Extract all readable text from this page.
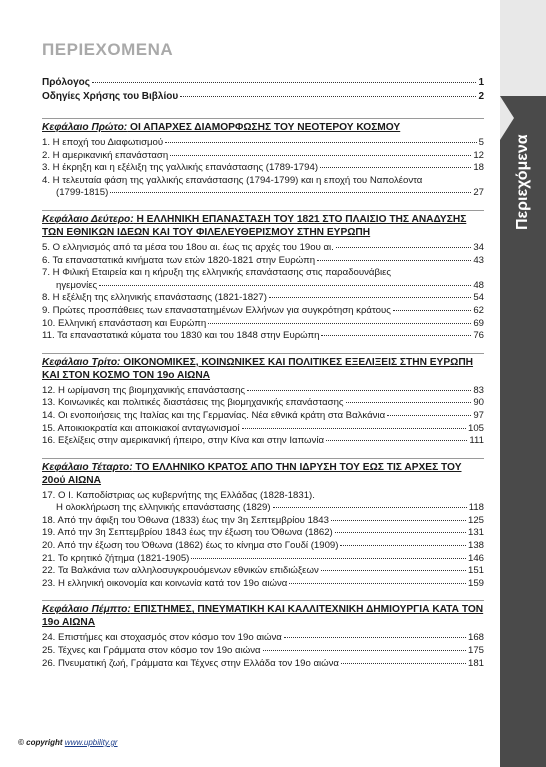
Περιεχόμενα
ΠΕΡΙΕΧΟΜΕΝΑ
Πρόλογος	1
Οδηγίες Χρήσης του Βιβλίου	2
Κεφάλαιο Πρώτο: ΟΙ ΑΠΑΡΧΕΣ ΔΙΑΜΟΡΦΩΣΗΣ ΤΟΥ ΝΕΟΤΕΡΟΥ ΚΟΣΜΟΥ
1. Η εποχή του Διαφωτισμού	5
2. Η αμερικανική επανάσταση	12
3. Η έκρηξη και η εξέλιξη της γαλλικής επανάστασης (1789-1794)	18
4. Η τελευταία φάση της γαλλικής επανάστασης (1794-1799) και η εποχή του Ναπολέοντα
(1799-1815)	27
Κεφάλαιο Δεύτερο: Η ΕΛΛΗΝΙΚΗ ΕΠΑΝΑΣΤΑΣΗ ΤΟΥ 1821 ΣΤΟ ΠΛΑΙΣΙΟ ΤΗΣ ΑΝΑΔΥΣΗΣ ΤΩΝ ΕΘΝΙΚΩΝ ΙΔΕΩΝ ΚΑΙ ΤΟΥ ΦΙΛΕΛΕΥΘΕΡΙΣΜΟΥ ΣΤΗΝ ΕΥΡΩΠΗ
5. Ο ελληνισμός από τα μέσα του 18ου αι. έως τις αρχές του 19ου αι.	34
6. Τα επαναστατικά κινήματα των ετών 1820-1821 στην Ευρώπη	43
7. Η Φιλική Εταιρεία και η κήρυξη της ελληνικής επανάστασης στις παραδουνάβιες
ηγεμονίες	48
8. Η εξέλιξη της ελληνικής επανάστασης (1821-1827)	54
9. Πρώτες προσπάθειες των επαναστατημένων Ελλήνων για συγκρότηση κράτους	62
10. Ελληνική επανάσταση και Ευρώπη	69
11. Τα επαναστατικά κύματα του 1830 και του 1848 στην Ευρώπη	76
Κεφάλαιο Τρίτο: ΟΙΚΟΝΟΜΙΚΕΣ, ΚΟΙΝΩΝΙΚΕΣ ΚΑΙ ΠΟΛΙΤΙΚΕΣ ΕΞΕΛΙΞΕΙΣ ΣΤΗΝ ΕΥΡΩΠΗ ΚΑΙ ΣΤΟΝ ΚΟΣΜΟ ΤΟΝ 19ο ΑΙΩΝΑ
12. Η ωρίμανση της βιομηχανικής επανάστασης	83
13. Κοινωνικές και πολιτικές διαστάσεις της βιομηχανικής επανάστασης	90
14. Οι ενοποιήσεις της Ιταλίας και της Γερμανίας. Νέα εθνικά κράτη στα Βαλκάνια	97
15. Αποικιοκρατία και αποικιακοί ανταγωνισμοί	105
16. Εξελίξεις στην αμερικανική ήπειρο, στην Κίνα και στην Ιαπωνία	111
Κεφάλαιο Τέταρτο: ΤΟ ΕΛΛΗΝΙΚΟ ΚΡΑΤΟΣ ΑΠΟ ΤΗΝ ΙΔΡΥΣΗ ΤΟΥ ΕΩΣ ΤΙΣ ΑΡΧΕΣ ΤΟΥ 20ού ΑΙΩΝΑ
17. Ο Ι. Καποδίστριας ως κυβερνήτης της Ελλάδας (1828-1831).
Η ολοκλήρωση της ελληνικής επανάστασης (1829)	118
18. Από την άφιξη του Όθωνα (1833) έως την 3η Σεπτεμβρίου 1843	125
19. Από την 3η Σεπτεμβρίου 1843 έως την έξωση του Όθωνα (1862)	131
20. Από την έξωση του Όθωνα (1862) έως το κίνημα στο Γουδί (1909)	138
21. Το κρητικό ζήτημα (1821-1905)	146
22. Τα Βαλκάνια των αλληλοσυγκρουόμενων εθνικών επιδιώξεων	151
23. Η ελληνική οικονομία και κοινωνία κατά τον 19ο αιώνα	159
Κεφάλαιο Πέμπτο: ΕΠΙΣΤΗΜΕΣ, ΠΝΕΥΜΑΤΙΚΗ ΚΑΙ ΚΑΛΛΙΤΕΧΝΙΚΗ ΔΗΜΙΟΥΡΓΙΑ ΚΑΤΑ ΤΟΝ 19ο ΑΙΩΝΑ
24. Επιστήμες και στοχασμός στον κόσμο τον 19ο αιώνα	168
25. Τέχνες και Γράμματα στον κόσμο τον 19ο αιώνα	175
26. Πνευματική ζωή, Γράμματα και Τέχνες στην Ελλάδα τον 19ο αιώνα	181
© copyright www.upbility.gr
